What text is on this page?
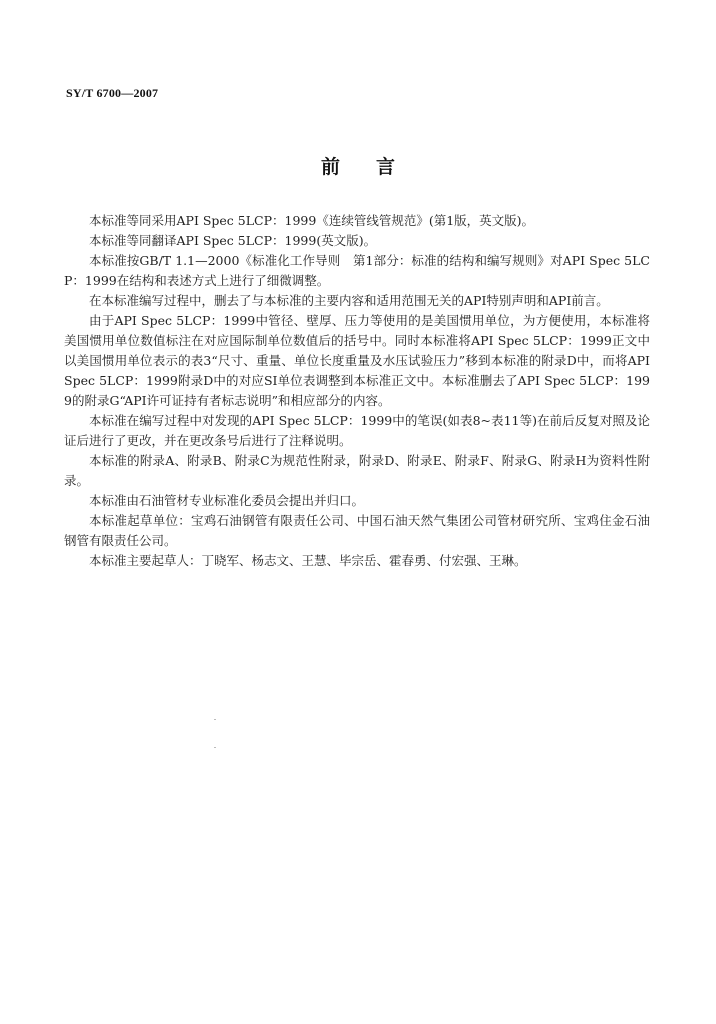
SY/T 6700—2007
前言

本标准等同采用API Spec 5LCP：1999《连续管线管规范》(第1版，英文版)。

本标准等同翻译API Spec 5LCP：1999(英文版)。

本标准按GB/T 1.1—2000《标准化工作导则　第1部分：标准的结构和编写规则》对API Spec 5LCP：1999在结构和表述方式上进行了细微调整。

在本标准编写过程中，删去了与本标准的主要内容和适用范围无关的API特别声明和API前言。

由于API Spec 5LCP：1999中管径、壁厚、压力等使用的是美国惯用单位，为方便使用，本标准将美国惯用单位数值标注在对应国际制单位数值后的括号中。同时本标准将API Spec 5LCP：1999正文中以美国惯用单位表示的表3“尺寸、重量、单位长度重量及水压试验压力”移到本标准的附录D中，而将API Spec 5LCP：1999附录D中的对应SI单位表调整到本标准正文中。本标准删去了API Spec 5LCP：1999的附录G“API许可证持有者标志说明”和相应部分的内容。

本标准在编写过程中对发现的API Spec 5LCP：1999中的笔误(如表8~表11等)在前后反复对照及论证后进行了更改，并在更改条号后进行了注释说明。

本标准的附录A、附录B、附录C为规范性附录，附录D、附录E、附录F、附录G、附录H为资料性附录。

本标准由石油管材专业标准化委员会提出并归口。

本标准起草单位：宝鸡石油钢管有限责任公司、中国石油天然气集团公司管材研究所、宝鸡住金石油钢管有限责任公司。

本标准主要起草人：丁晓军、杨志文、王慧、毕宗岳、霍春勇、付宏强、王琳。
